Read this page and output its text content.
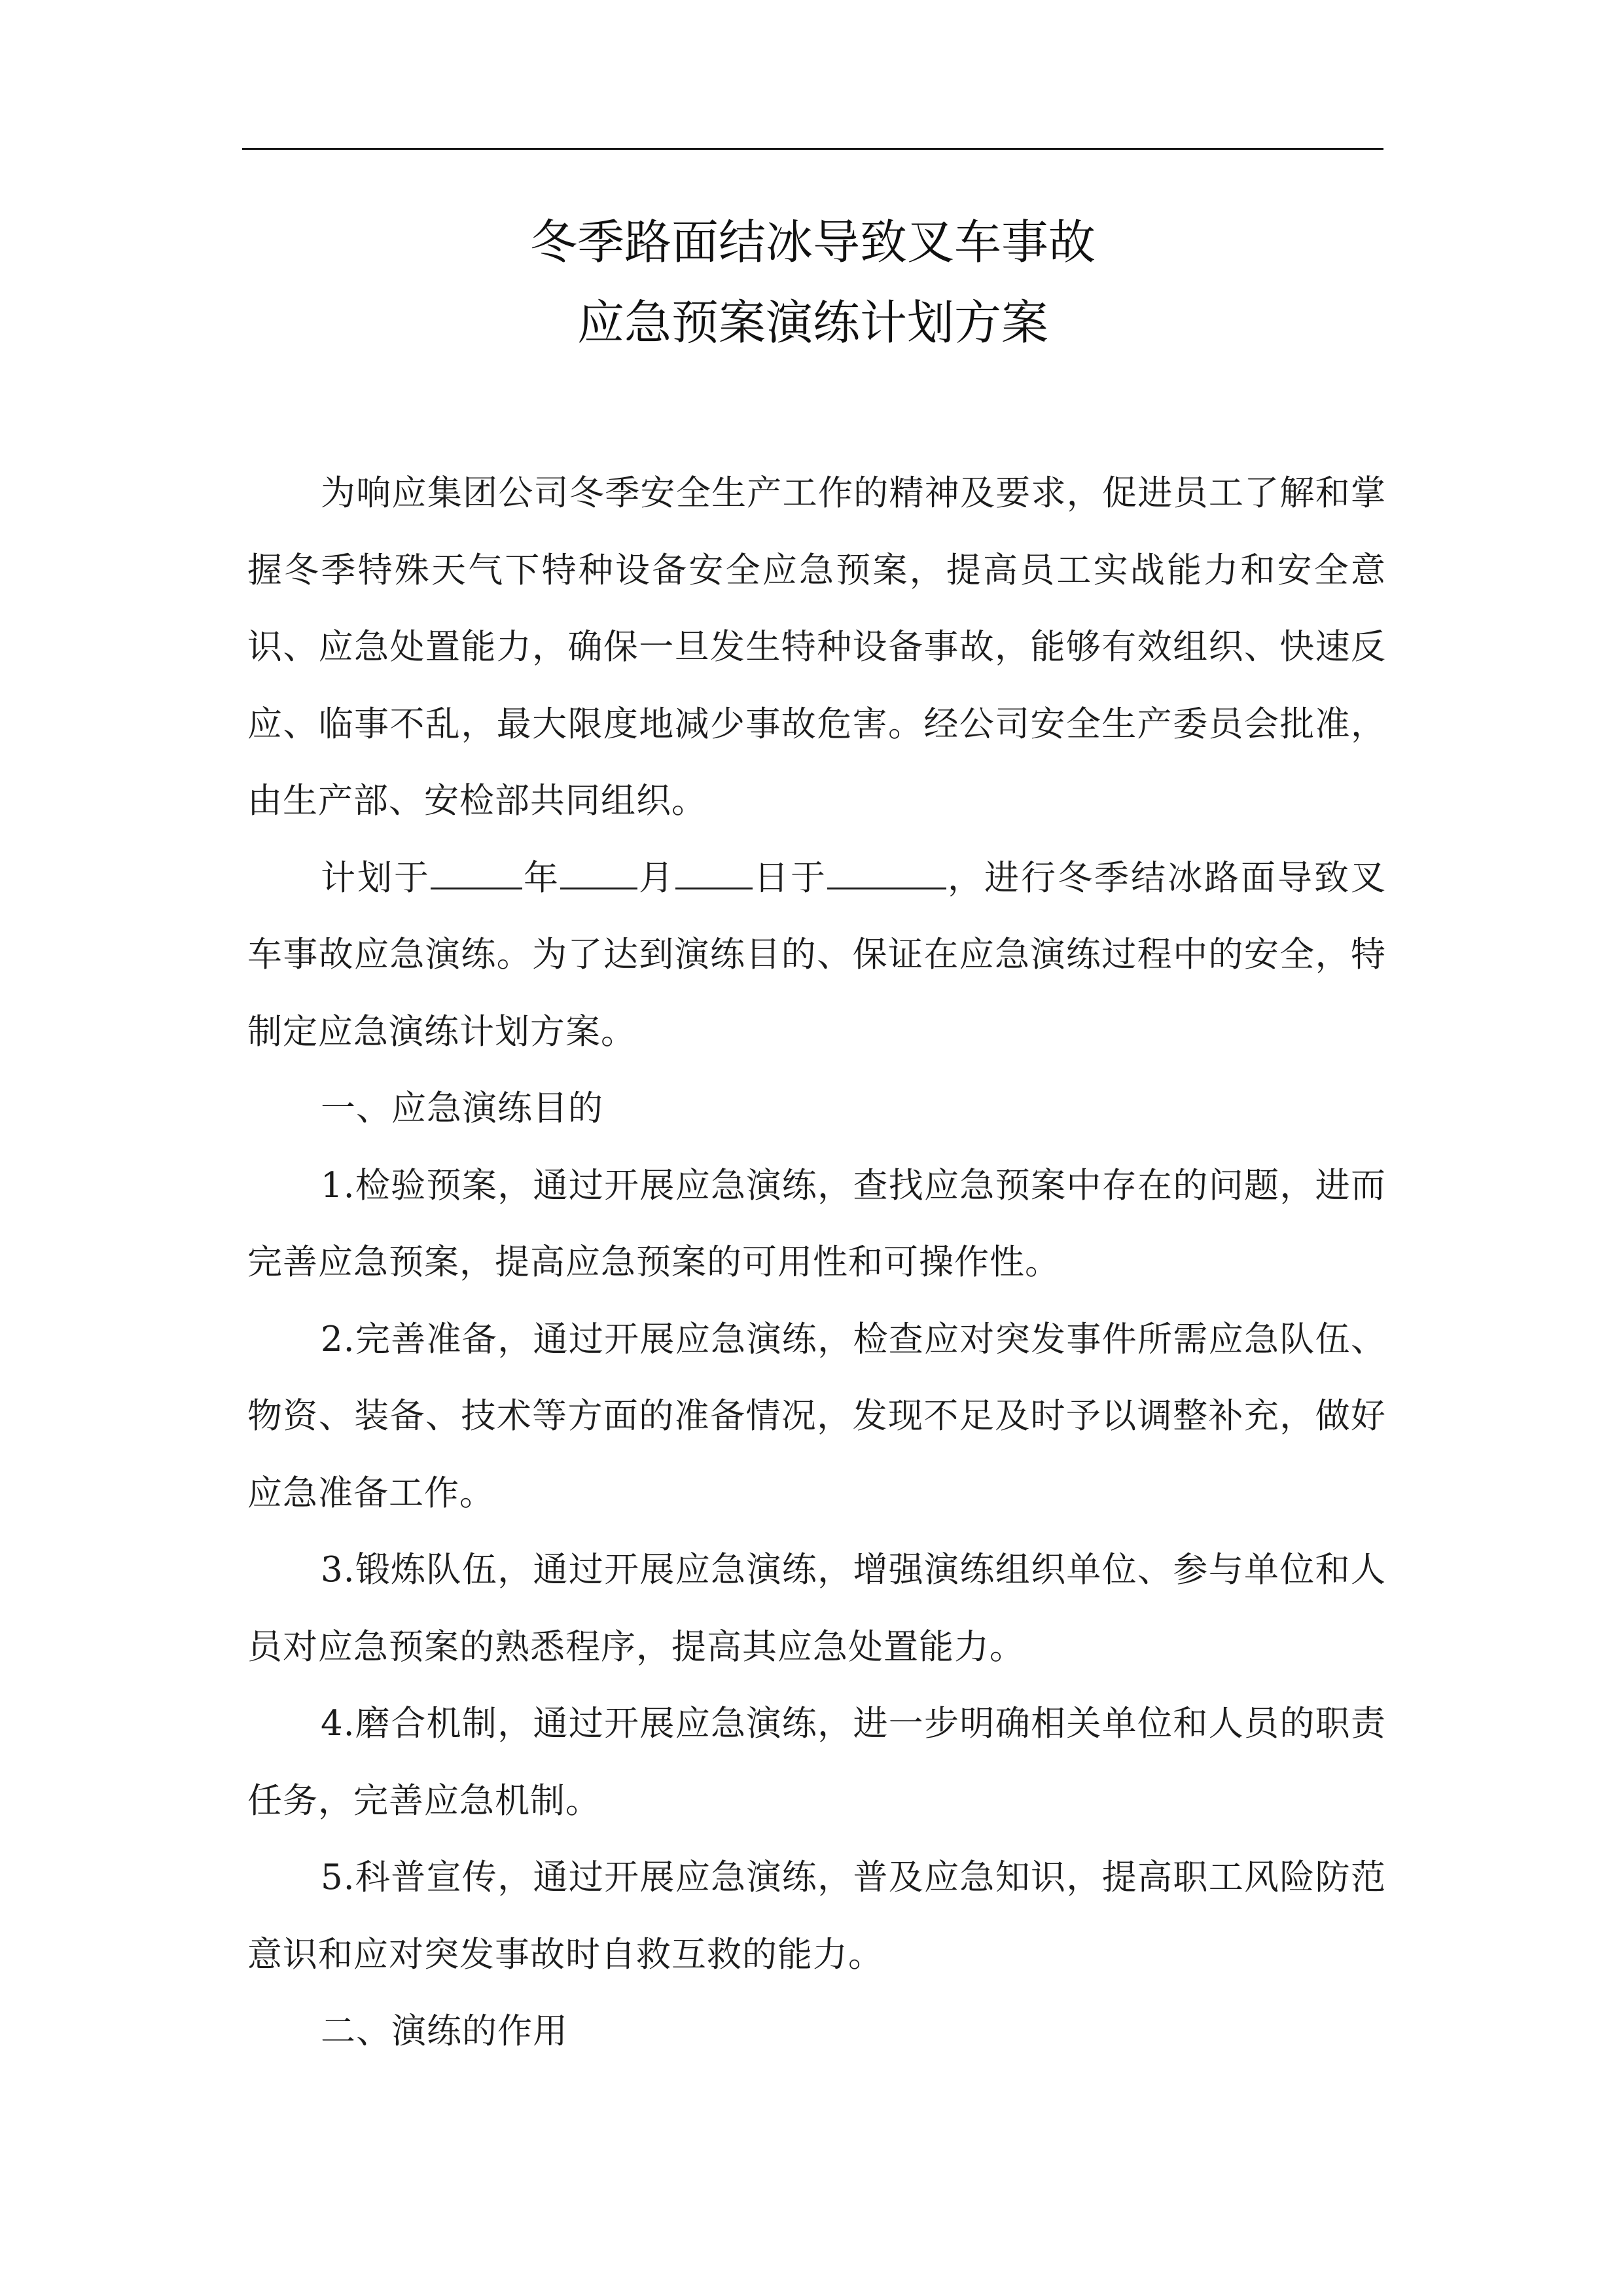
冬季路面结冰导致叉车事故
应急预案演练计划方案

为响应集团公司冬季安全生产工作的精神及要求，促进员工了解和掌握冬季特殊天气下特种设备安全应急预案，提高员工实战能力和安全意识、应急处置能力，确保一旦发生特种设备事故，能够有效组织、快速反应、临事不乱，最大限度地减少事故危害。经公司安全生产委员会批准，由生产部、安检部共同组织。

计划于	年 月 日于	，进行冬季结冰路面导致叉车事故应急演练。为了达到演练目的、保证在应急演练过程中的安全，特制定应急演练计划方案。

一、应急演练目的

1.检验预案，通过开展应急演练，查找应急预案中存在的问题，进而完善应急预案，提高应急预案的可用性和可操作性。

2.完善准备，通过开展应急演练，检查应对突发事件所需应急队伍、物资、装备、技术等方面的准备情况，发现不足及时予以调整补充，做好应急准备工作。

3.锻炼队伍，通过开展应急演练，增强演练组织单位、参与单位和人员对应急预案的熟悉程序，提高其应急处置能力。

4.磨合机制，通过开展应急演练，进一步明确相关单位和人员的职责任务，完善应急机制。

5.科普宣传，通过开展应急演练，普及应急知识，提高职工风险防范意识和应对突发事故时自救互救的能力。

二、演练的作用
